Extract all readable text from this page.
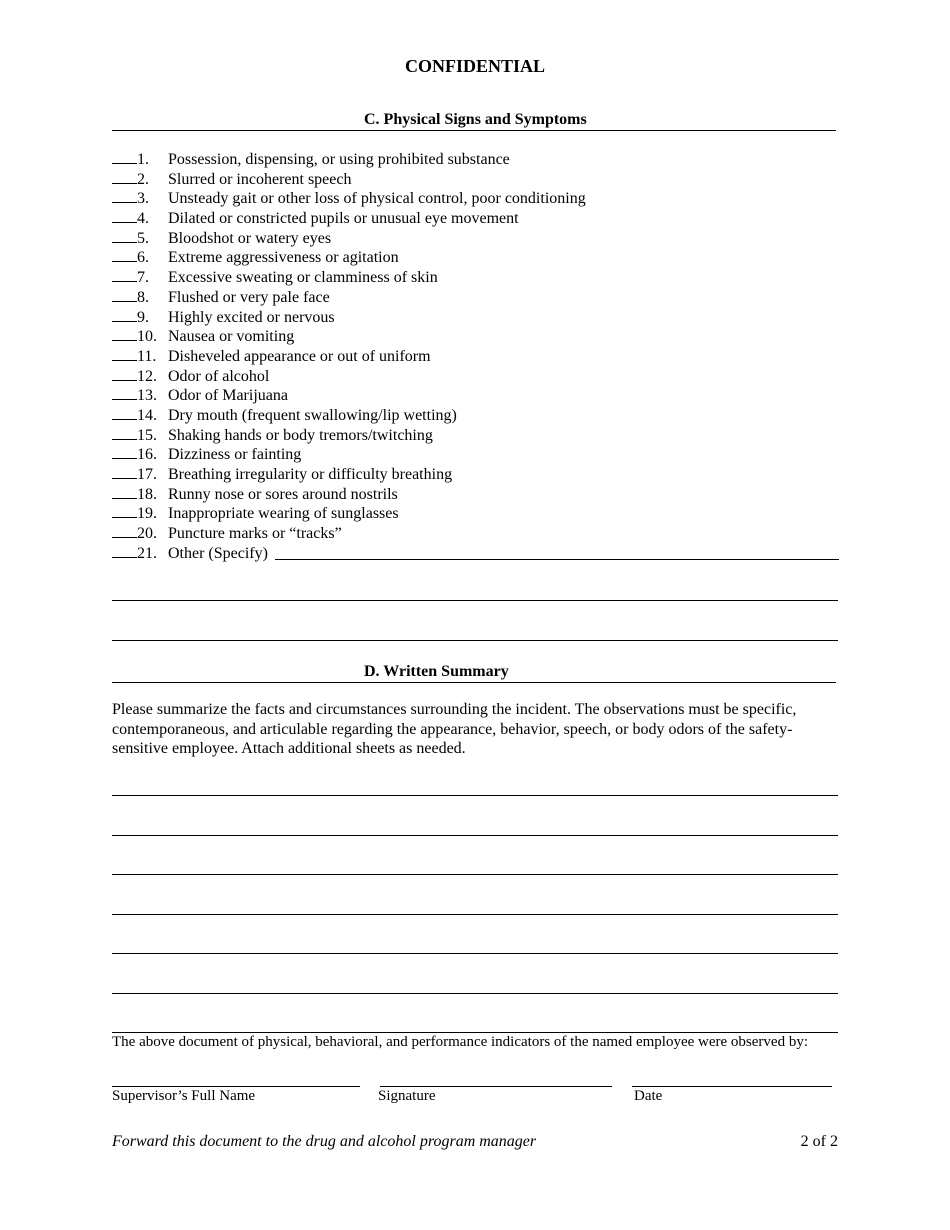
CONFIDENTIAL
C. Physical Signs and Symptoms
1. Possession, dispensing, or using prohibited substance
2. Slurred or incoherent speech
3. Unsteady gait or other loss of physical control, poor conditioning
4. Dilated or constricted pupils or unusual eye movement
5. Bloodshot or watery eyes
6. Extreme aggressiveness or agitation
7. Excessive sweating or clamminess of skin
8. Flushed or very pale face
9. Highly excited or nervous
10. Nausea or vomiting
11. Disheveled appearance or out of uniform
12. Odor of alcohol
13. Odor of Marijuana
14. Dry mouth (frequent swallowing/lip wetting)
15. Shaking hands or body tremors/twitching
16. Dizziness or fainting
17. Breathing irregularity or difficulty breathing
18. Runny nose or sores around nostrils
19. Inappropriate wearing of sunglasses
20. Puncture marks or “tracks”
21. Other (Specify)
D. Written Summary

Please summarize the facts and circumstances surrounding the incident. The observations must be specific, contemporaneous, and articulable regarding the appearance, behavior, speech, or body odors of the safety-sensitive employee. Attach additional sheets as needed.

The above document of physical, behavioral, and performance indicators of the named employee were observed by:
Supervisor’s Full Name	Signature	Date
Forward this document to the drug and alcohol program manager	2 of 2
